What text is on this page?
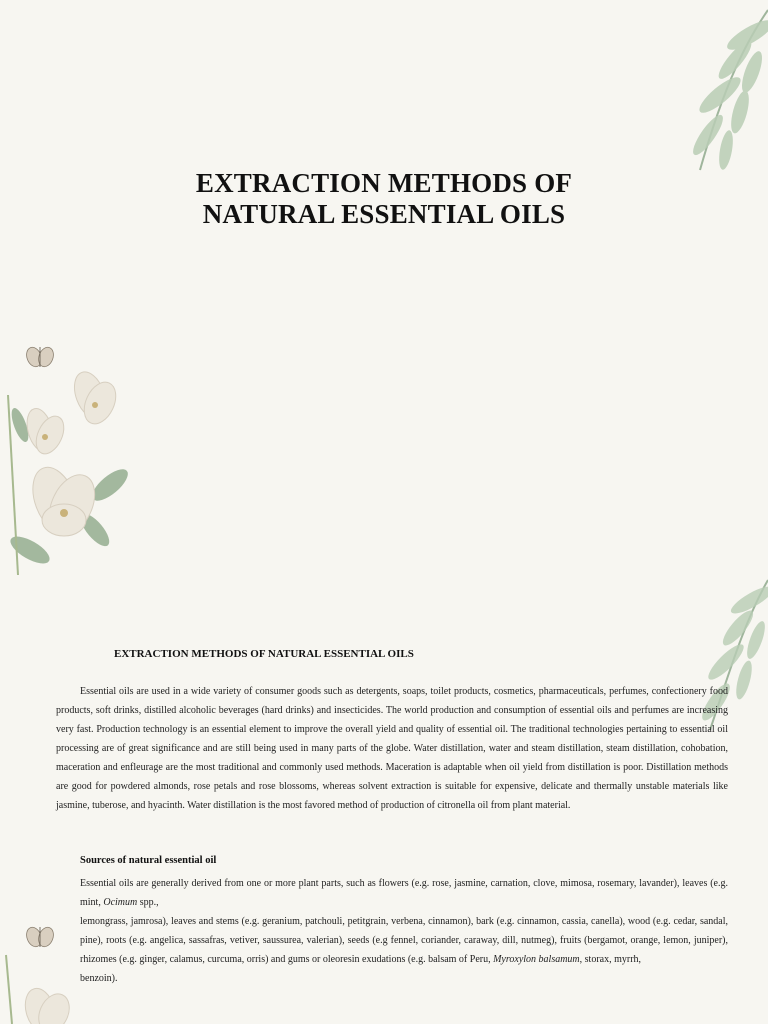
EXTRACTION METHODS OF
NATURAL ESSENTIAL OILS
EXTRACTION METHODS OF NATURAL ESSENTIAL OILS

Essential oils are used in a wide variety of consumer goods such as detergents, soaps, toilet products, cosmetics, pharmaceuticals, perfumes, confectionery food products, soft drinks, distilled alcoholic beverages (hard drinks) and insecticides. The world production and consumption of essential oils and perfumes are increasing very fast. Production technology is an essential element to improve the overall yield and quality of essential oil. The traditional technologies pertaining to essential oil processing are of great significance and are still being used in many parts of the globe. Water distillation, water and steam distillation, steam distillation, cohobation, maceration and enfleurage are the most traditional and commonly used methods. Maceration is adaptable when oil yield from distillation is poor. Distillation methods are good for powdered almonds, rose petals and rose blossoms, whereas solvent extraction is suitable for expensive, delicate and thermally unstable materials like jasmine, tuberose, and hyacinth. Water distillation is the most favored method of production of citronella oil from plant material.

Sources of natural essential oil
Essential oils are generally derived from one or more plant parts, such as flowers (e.g. rose, jasmine, carnation, clove, mimosa, rosemary, lavander), leaves (e.g. mint, Ocimum spp.,
lemongrass, jamrosa), leaves and stems (e.g. geranium, patchouli, petitgrain, verbena, cinnamon), bark (e.g. cinnamon, cassia, canella), wood (e.g. cedar, sandal, pine), roots (e.g. angelica, sassafras, vetiver, saussurea, valerian), seeds (e.g fennel, coriander, caraway, dill, nutmeg), fruits (bergamot, orange, lemon, juniper), rhizomes (e.g. ginger, calamus, curcuma, orris) and gums or oleoresin exudations (e.g. balsam of Peru, Myroxylon balsamum, storax, myrrh,
benzoin).
